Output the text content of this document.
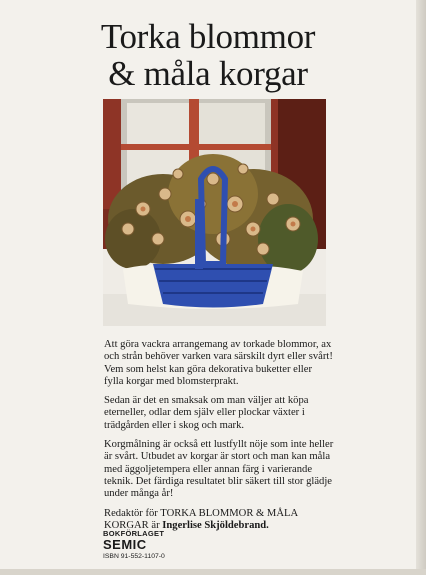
Torka blommor
& måla korgar

Att göra vackra arrangemang av torkade blommor, ax och strån behöver varken vara särskilt dyrt eller svårt! Vem som helst kan göra dekorativa buketter eller fylla korgar med blomsterprakt.

Sedan är det en smaksak om man väljer att köpa eterneller, odlar dem själv eller plockar växter i trädgården eller i skog och mark.

Korgmålning är också ett lustfyllt nöje som inte heller är svårt. Utbudet av korgar är stort och man kan måla med äggoljetempera eller annan färg i varierande teknik. Det färdiga resultatet blir säkert till stor glädje under många år!

Redaktör för TORKA BLOMMOR & MÅLA KORGAR är Ingerlise Skjöldebrand.

BOKFÖRLAGET
SEMIC
ISBN 91-552-1107-0
